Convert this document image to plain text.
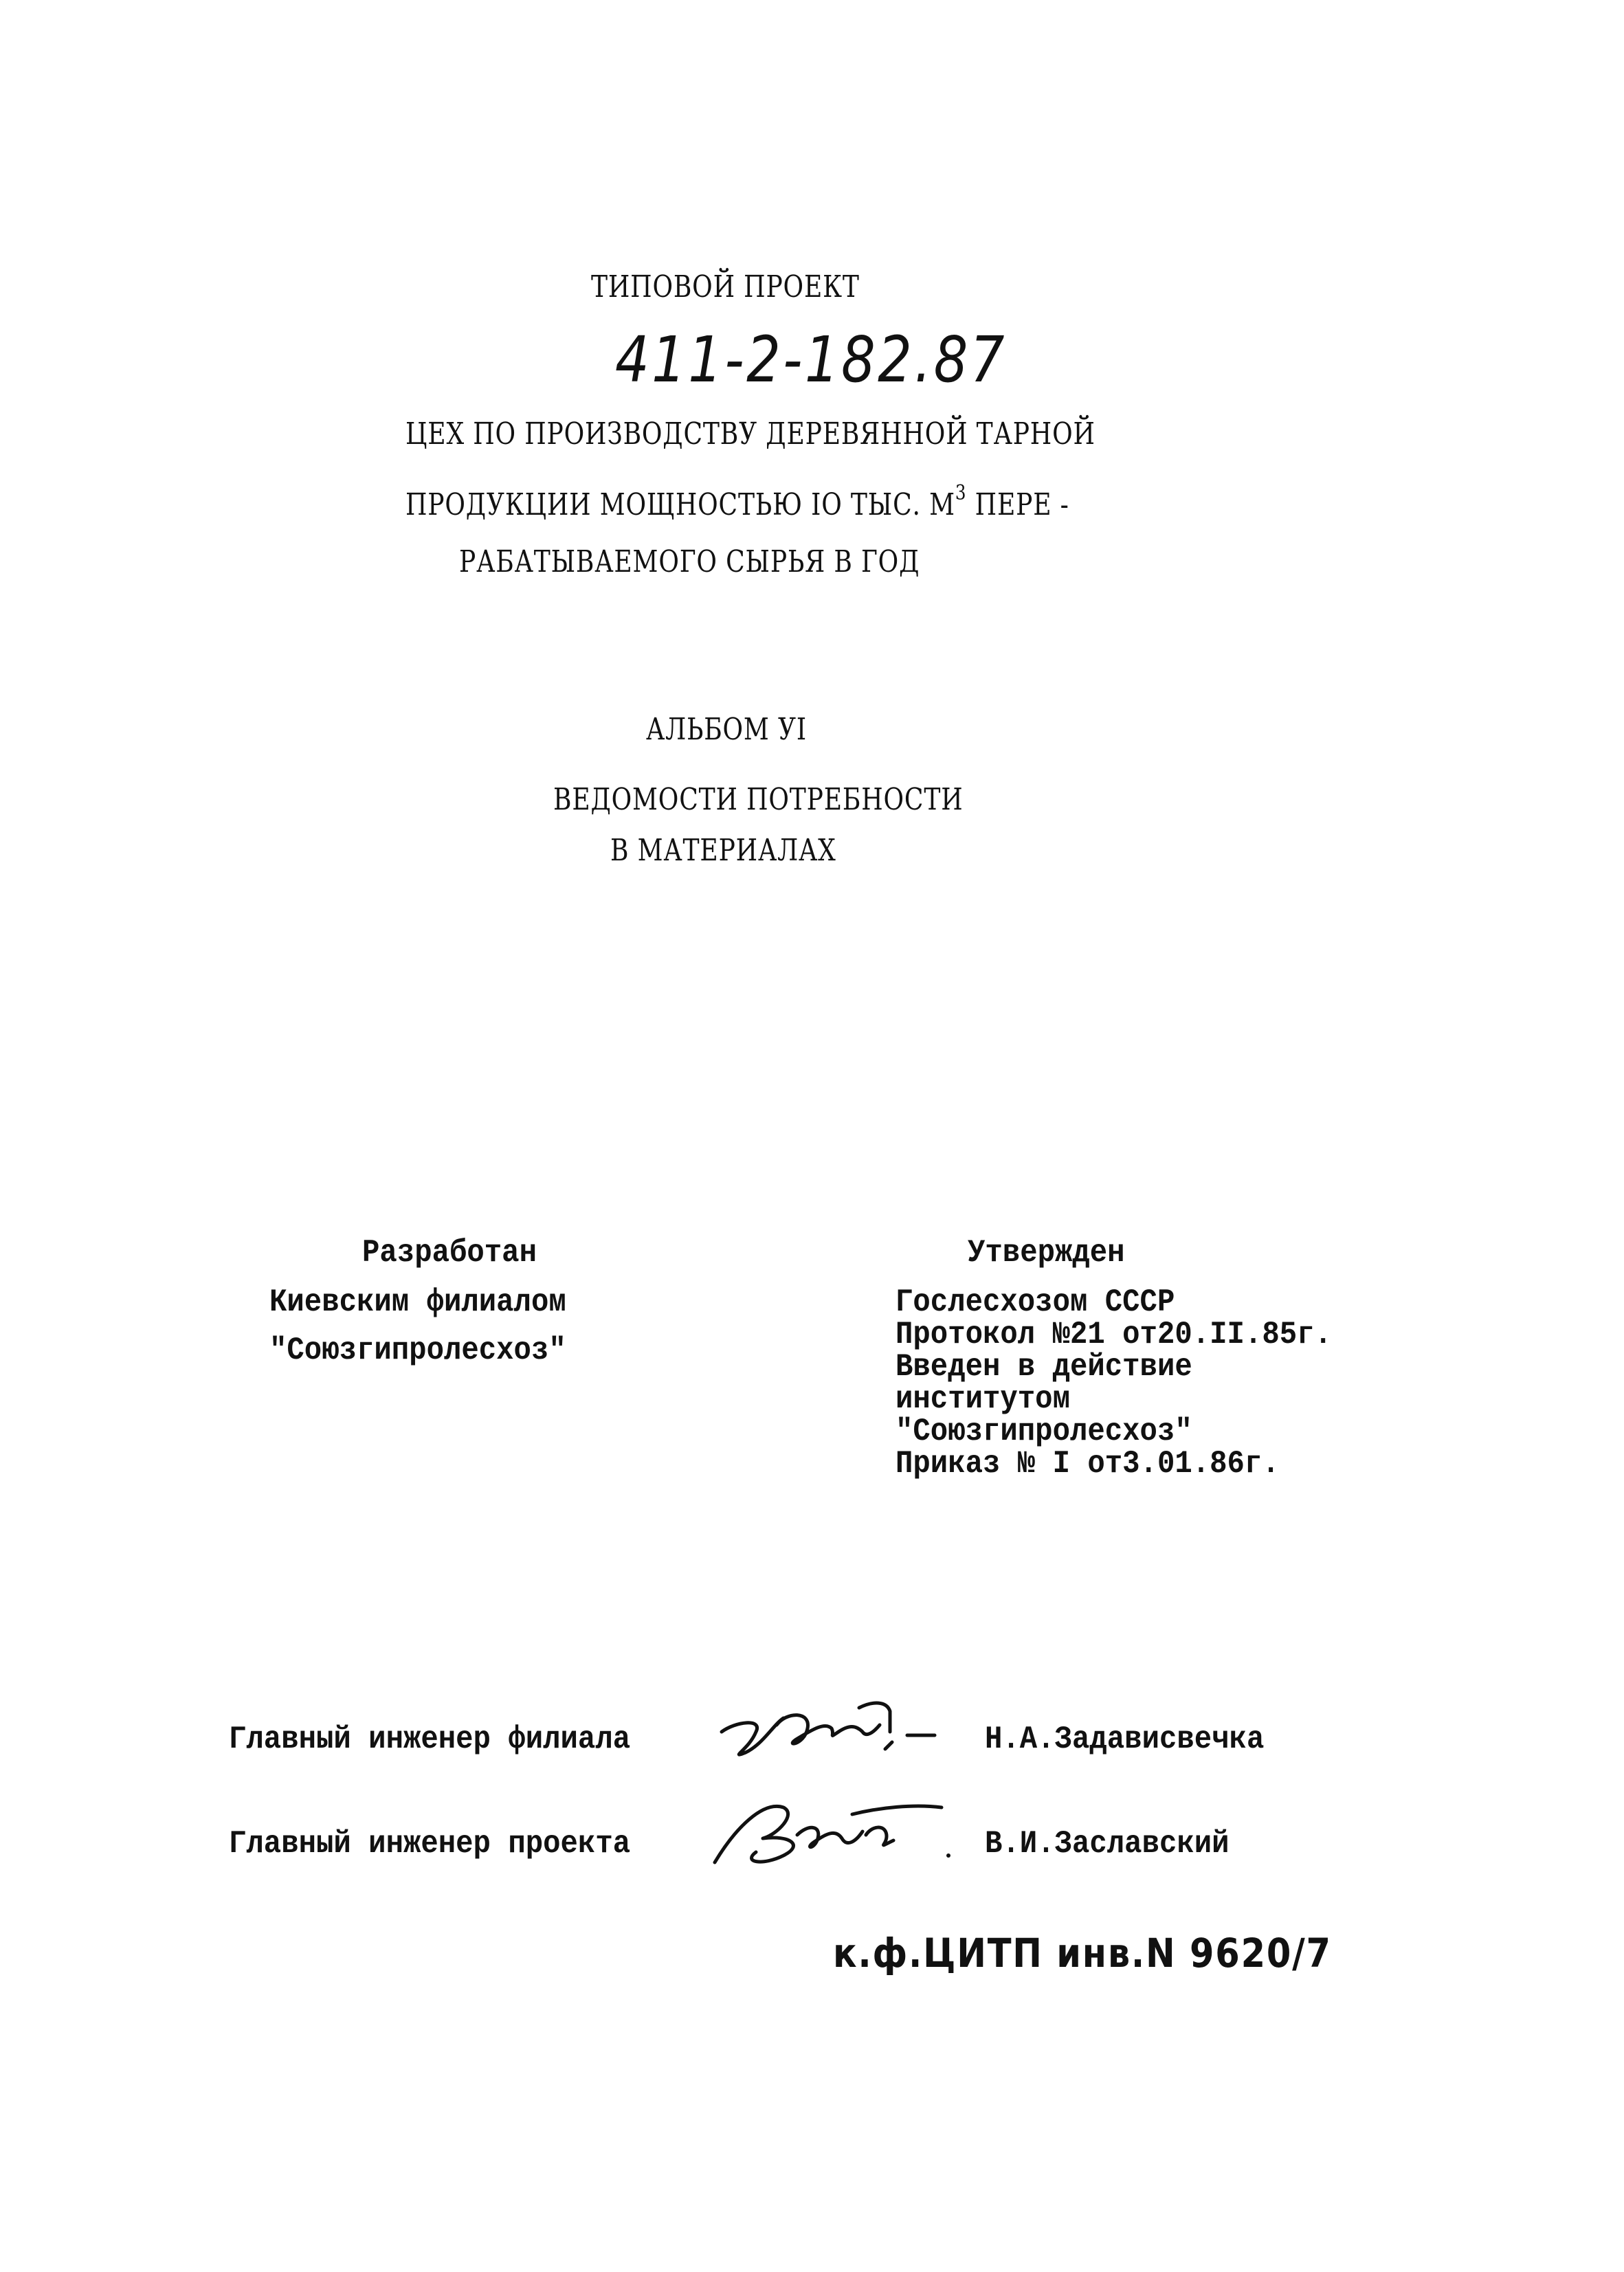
ТИПОВОЙ ПРОЕКТ
411-2-182.87
ЦЕХ ПО ПРОИЗВОДСТВУ ДЕРЕВЯННОЙ ТАРНОЙ
ПРОДУКЦИИ МОЩНОСТЬЮ IO ТЫС. $М^3$ ПЕРЕ -
РАБАТЫВАЕМОГО СЫРЬЯ В ГОД
АЛЬБОМ УI
ВЕДОМОСТИ ПОТРЕБНОСТИ
В МАТЕРИАЛАХ
Разработан
Киевским филиалом
"Союзгипролесхоз"
Утвержден
Гослесхозом СССР
Протокол №21 от20.II.85г.
Введен в действие
институтом
"Союзгипролесхоз"
Приказ № I от3.01.86г.
Главный инженер филиала	Н.А.Задависвечка
Главный инженер проекта	В.И.Заславский
к.ф.ЦИТП инв.N 9620/7
